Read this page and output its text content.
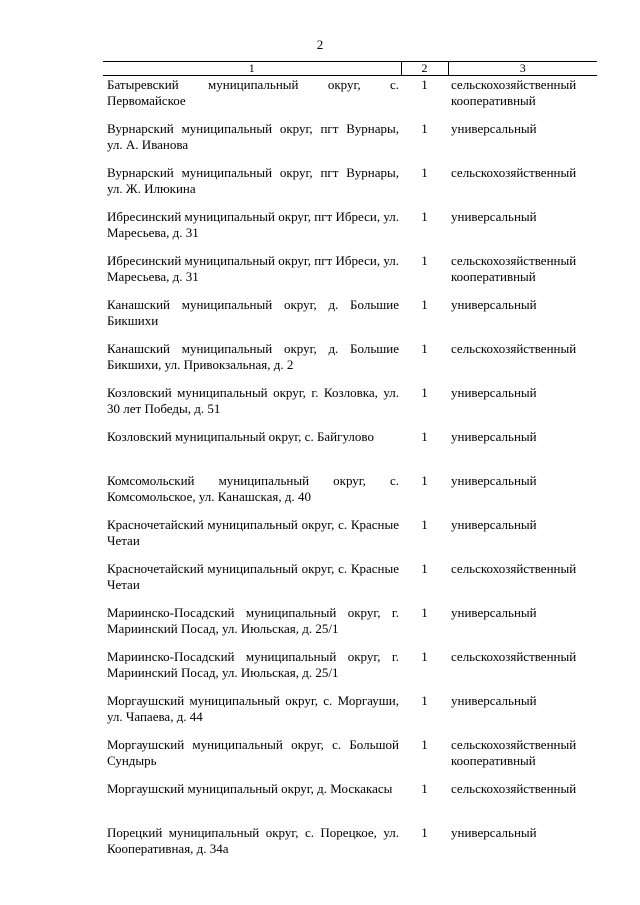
2
1	2	3
Батыревский муниципальный округ, с. Первомайское	1	сельскохозяйственный кооперативный
Вурнарский муниципальный округ, пгт Вурнары, ул. А. Иванова	1	универсальный
Вурнарский муниципальный округ, пгт Вурнары, ул. Ж. Илюкина	1	сельскохозяйственный
Ибресинский муниципальный округ, пгт Ибреси, ул. Маресьева, д. 31	1	универсальный
Ибресинский муниципальный округ, пгт Ибреси, ул. Маресьева, д. 31	1	сельскохозяйственный кооперативный
Канашский муниципальный округ, д. Большие Бикшихи	1	универсальный
Канашский муниципальный округ, д. Большие Бикшихи, ул. Привокзальная, д. 2	1	сельскохозяйственный
Козловский муниципальный округ, г. Козловка, ул. 30 лет Победы, д. 51	1	универсальный
Козловский муниципальный округ, с. Байгулово	1	универсальный
Комсомольский муниципальный округ, с. Комсомольское, ул. Канашская, д. 40	1	универсальный
Красночетайский муниципальный округ, с. Красные Четаи	1	универсальный
Красночетайский муниципальный округ, с. Красные Четаи	1	сельскохозяйственный
Мариинско-Посадский муниципальный округ, г. Мариинский Посад, ул. Июльская, д. 25/1	1	универсальный
Мариинско-Посадский муниципальный округ, г. Мариинский Посад, ул. Июльская, д. 25/1	1	сельскохозяйственный
Моргаушский муниципальный округ, с. Моргауши, ул. Чапаева, д. 44	1	универсальный
Моргаушский муниципальный округ, с. Большой Сундырь	1	сельскохозяйственный кооперативный
Моргаушский муниципальный округ, д. Москакасы	1	сельскохозяйственный
Порецкий муниципальный округ, с. Порецкое, ул. Кооперативная, д. 34а	1	универсальный
